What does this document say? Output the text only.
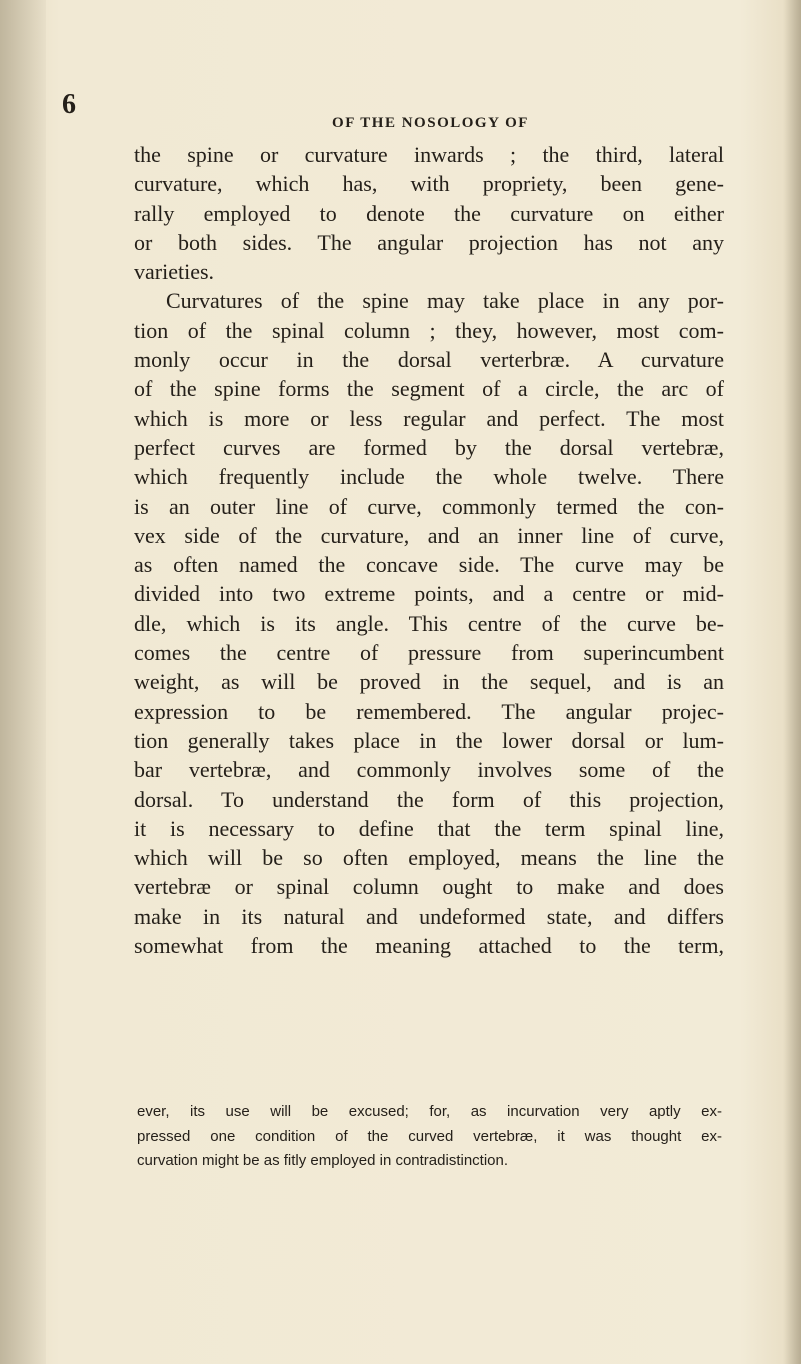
6
OF THE NOSOLOGY OF
the spine or curvature inwards ; the third, lateral
curvature, which has, with propriety, been gene-
rally employed to denote the curvature on either
or both sides. The angular projection has not any
varieties.
Curvatures of the spine may take place in any por-
tion of the spinal column ; they, however, most com-
monly occur in the dorsal verterbræ. A curvature
of the spine forms the segment of a circle, the arc of
which is more or less regular and perfect. The most
perfect curves are formed by the dorsal vertebræ,
which frequently include the whole twelve. There
is an outer line of curve, commonly termed the con-
vex side of the curvature, and an inner line of curve,
as often named the concave side. The curve may be
divided into two extreme points, and a centre or mid-
dle, which is its angle. This centre of the curve be-
comes the centre of pressure from superincumbent
weight, as will be proved in the sequel, and is an
expression to be remembered. The angular projec-
tion generally takes place in the lower dorsal or lum-
bar vertebræ, and commonly involves some of the
dorsal. To understand the form of this projection,
it is necessary to define that the term spinal line,
which will be so often employed, means the line the
vertebræ or spinal column ought to make and does
make in its natural and undeformed state, and differs
somewhat from the meaning attached to the term,
ever, its use will be excused; for, as incurvation very aptly ex-
pressed one condition of the curved vertebræ, it was thought ex-
curvation might be as fitly employed in contradistinction.
